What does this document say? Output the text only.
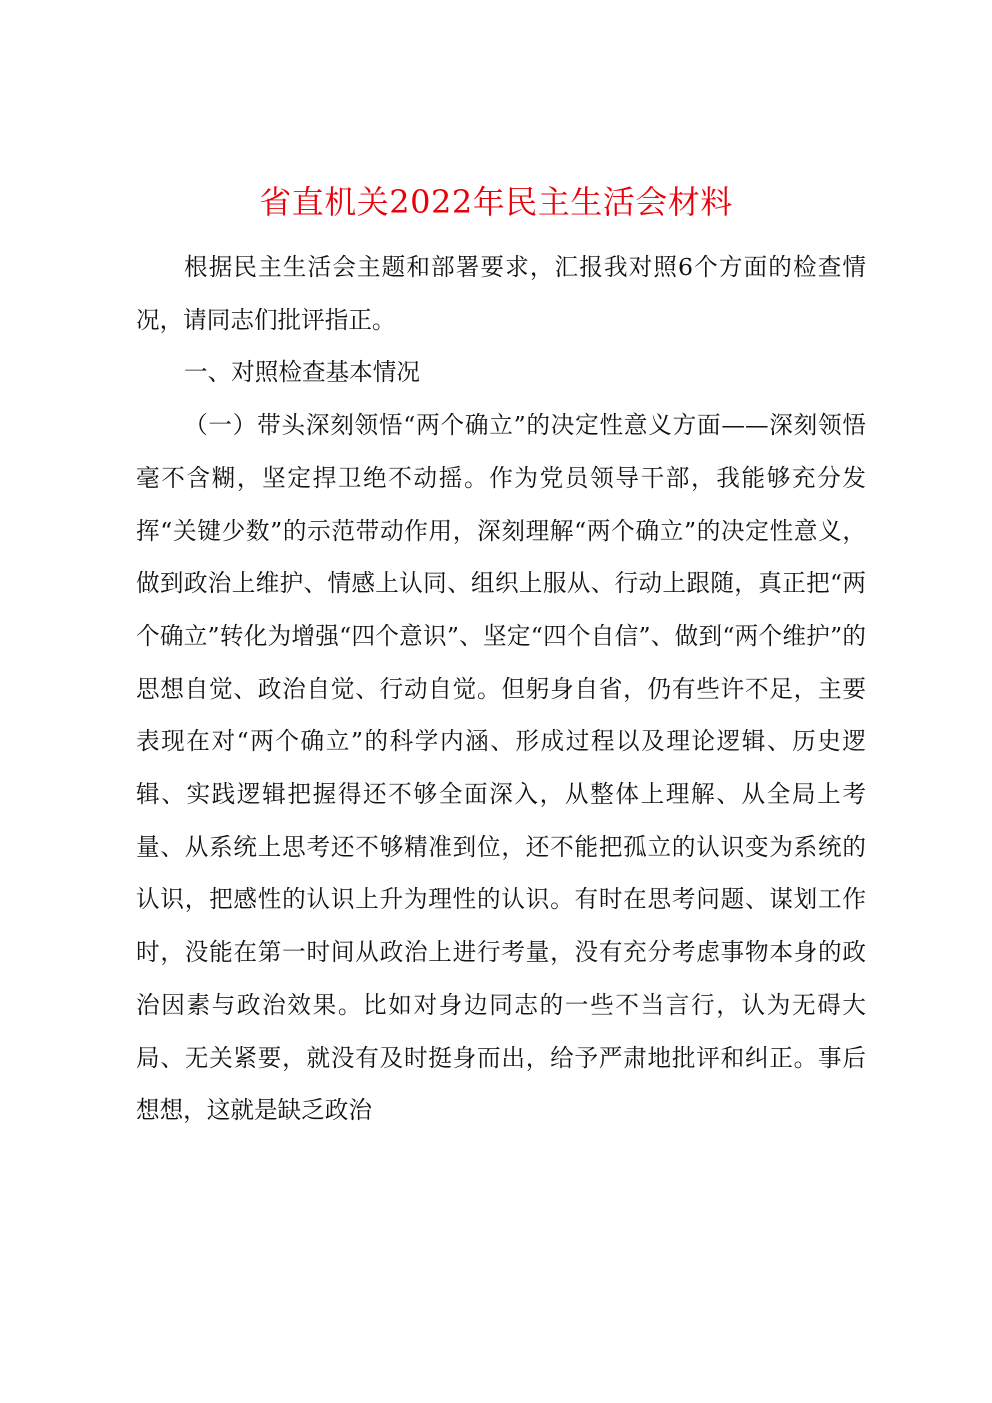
省直机关2022年民主生活会材料

根据民主生活会主题和部署要求，汇报我对照6个方面的检查情况，请同志们批评指正。

一、对照检查基本情况

（一）带头深刻领悟“两个确立”的决定性意义方面——深刻领悟毫不含糊，坚定捍卫绝不动摇。作为党员领导干部，我能够充分发挥“关键少数”的示范带动作用，深刻理解“两个确立”的决定性意义，做到政治上维护、情感上认同、组织上服从、行动上跟随，真正把“两个确立”转化为增强“四个意识”、坚定“四个自信”、做到“两个维护”的思想自觉、政治自觉、行动自觉。但躬身自省，仍有些许不足，主要表现在对“两个确立”的科学内涵、形成过程以及理论逻辑、历史逻辑、实践逻辑把握得还不够全面深入，从整体上理解、从全局上考量、从系统上思考还不够精准到位，还不能把孤立的认识变为系统的认识，把感性的认识上升为理性的认识。有时在思考问题、谋划工作时，没能在第一时间从政治上进行考量，没有充分考虑事物本身的政治因素与政治效果。比如对身边同志的一些不当言行，认为无碍大局、无关紧要，就没有及时挺身而出，给予严肃地批评和纠正。事后想想，这就是缺乏政治
